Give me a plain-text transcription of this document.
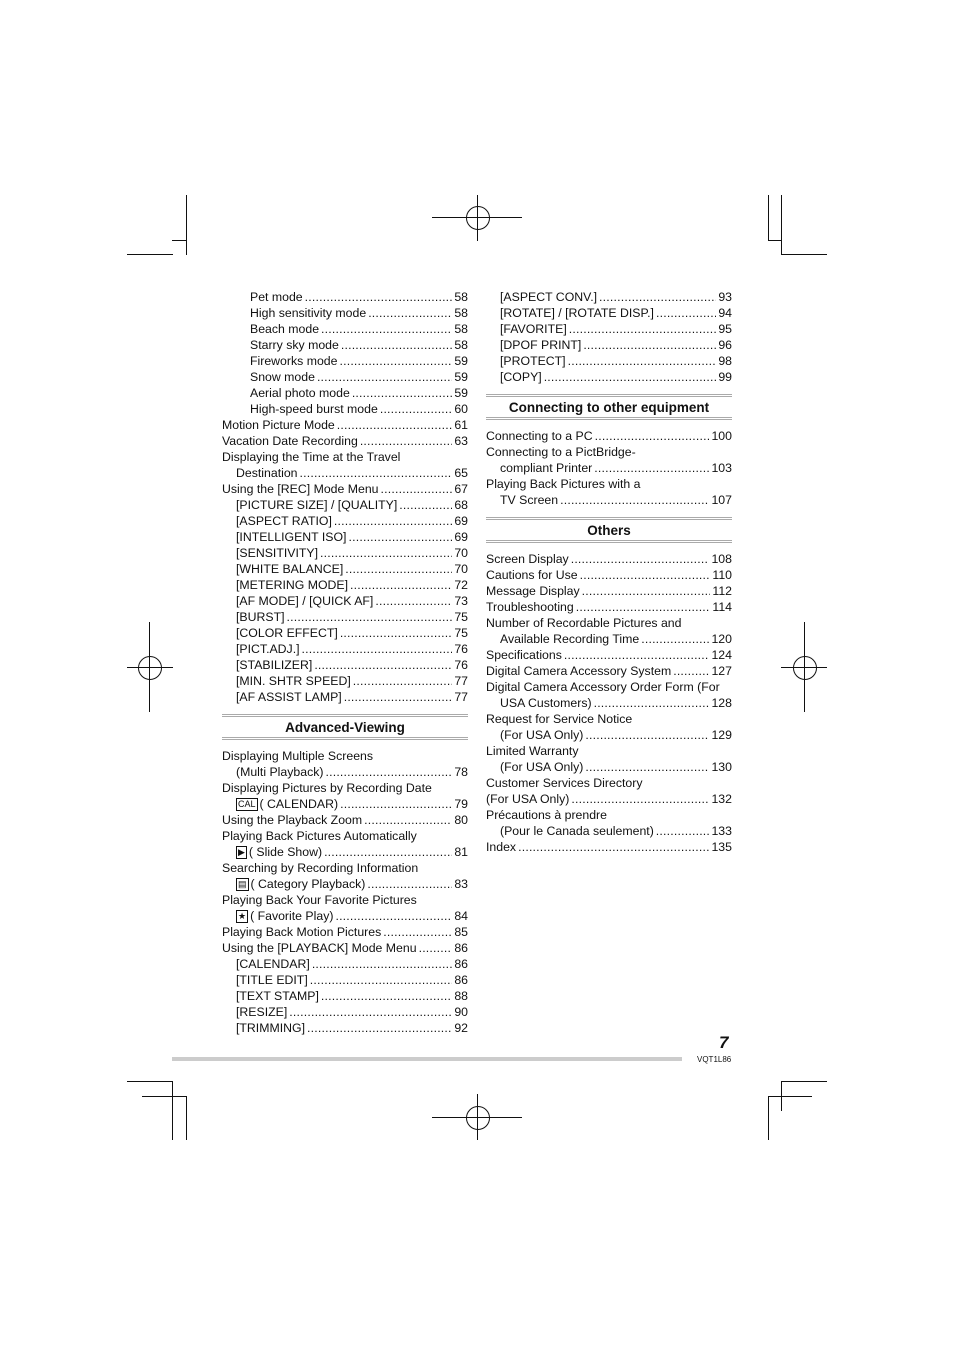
Pet mode .....	58
High sensitivity mode .....	58
Beach mode .....	58
Starry sky mode .....	58
Fireworks mode .....	59
Snow mode .....	59
Aerial photo mode .....	59
High-speed burst mode .....	60
Motion Picture Mode .....	61
Vacation Date Recording .....	63
Displaying the Time at the Travel
Destination .....	65
Using the [REC] Mode Menu .....	67
[PICTURE SIZE] / [QUALITY] .....	68
[ASPECT RATIO] .....	69
[INTELLIGENT ISO] .....	69
[SENSITIVITY] .....	70
[WHITE BALANCE] .....	70
[METERING MODE] .....	72
[AF MODE] / [QUICK AF] .....	73
[BURST] .....	75
[COLOR EFFECT] .....	75
[PICT.ADJ.] .....	76
[STABILIZER] .....	76
[MIN. SHTR SPEED] .....	77
[AF ASSIST LAMP] .....	77
Advanced-Viewing
Displaying Multiple Screens
(Multi Playback) .....	78
Displaying Pictures by Recording Date
CAL ( CALENDAR) .....	79
Using the Playback Zoom .....	80
Playing Back Pictures Automatically
▶ ( Slide Show) .....	81
Searching by Recording Information
▤ ( Category Playback) .....	83
Playing Back Your Favorite Pictures
★ ( Favorite Play) .....	84
Playing Back Motion Pictures .....	85
Using the [PLAYBACK] Mode Menu .....	86
[CALENDAR] .....	86
[TITLE EDIT] .....	86
[TEXT STAMP] .....	88
[RESIZE] .....	90
[TRIMMING] .....	92
[ASPECT CONV.] .....	93
[ROTATE] / [ROTATE DISP.] .....	94
[FAVORITE] .....	95
[DPOF PRINT] .....	96
[PROTECT] .....	98
[COPY] .....	99
Connecting to other equipment
Connecting to a PC .....	100
Connecting to a PictBridge-
compliant Printer .....	103
Playing Back Pictures with a
TV Screen .....	107
Others
Screen Display .....	108
Cautions for Use .....	110
Message Display .....	112
Troubleshooting .....	114
Number of Recordable Pictures and
Available Recording Time .....	120
Specifications .....	124
Digital Camera Accessory System .....	127
Digital Camera Accessory Order Form (For
USA Customers) .....	128
Request for Service Notice
(For USA Only) .....	129
Limited Warranty
(For USA Only) .....	130
Customer Services Directory
(For USA Only) .....	132
Précautions à prendre
(Pour le Canada seulement) .....	133
Index .....	135
7
VQT1L86
